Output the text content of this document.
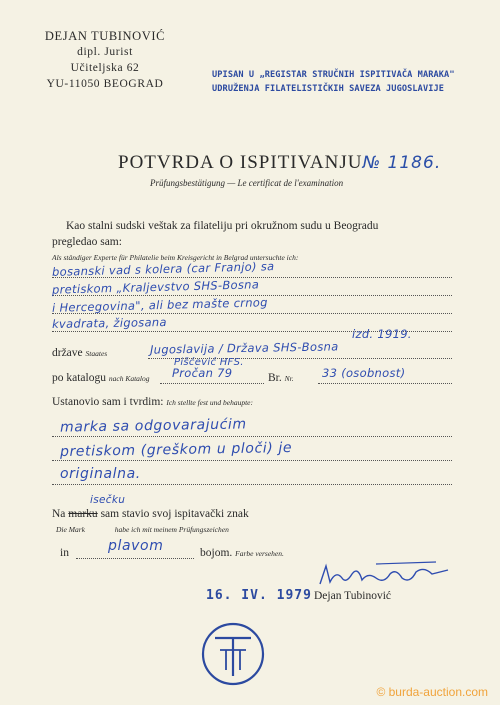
DEJAN TUBINOVIĆ
dipl. Jurist
Učiteljska 62
YU-11050 BEOGRAD
UPISAN U „REGISTAR STRUČNIH ISPITIVAČA MARAKA"
UDRUŽENJA FILATELISTIČKIH SAVEZA JUGOSLAVIJE
POTVRDA O ISPITIVANJU№ 1186.
Prüfungsbestätigung — Le certificat de l'examination
Kao stalni sudski veštak za filateliju pri okružnom sudu u Beogradu
pregledao sam:
Als ständiger Experte für Philatelie beim Kreisgericht in Belgrad untersuchte ich:
bosanski vad s kolera (car Franjo) sa
pretiskom „Kraljevstvo SHS-Bosna
i Hercegovina", ali bez mašte crnog
kvadrata, žigosana
izd. 1919.
države Staates	Jugoslavija / Država SHS-Bosna
Pišćević HFS.
po katalogu nach Katalog Pročan 79	Br. Nr. 33 (osobnost)
Ustanovio sam i tvrdim: Ich stellte fest und behaupte:
marka sa odgovarajućim
pretiskom (greškom u ploči) je
originalna.
isečku
Na marku sam stavio svoj ispitavački znak
Die Mark	habe ich mit meinem Prüfungszeichen
in	plavom	bojom. Farbe versehen.
16. IV. 1979 Dejan Tubinović
© burda-auction.com
